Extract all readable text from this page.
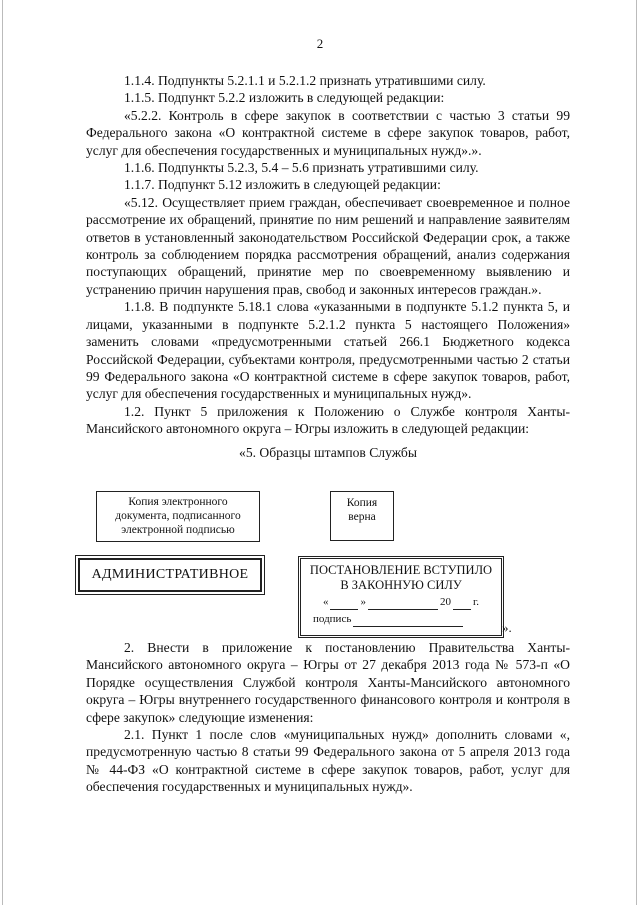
2

1.1.4. Подпункты 5.2.1.1 и 5.2.1.2 признать утратившими силу.

1.1.5. Подпункт 5.2.2 изложить в следующей редакции:

«5.2.2. Контроль в сфере закупок в соответствии с частью 3 статьи 99 Федерального закона «О контрактной системе в сфере закупок товаров, работ, услуг для обеспечения государственных и муниципальных нужд».».

1.1.6. Подпункты 5.2.3, 5.4 – 5.6 признать утратившими силу.

1.1.7. Подпункт 5.12 изложить в следующей редакции:

«5.12. Осуществляет прием граждан, обеспечивает своевременное и полное рассмотрение их обращений, принятие по ним решений и направление заявителям ответов в установленный законодательством Российской Федерации срок, а также контроль за соблюдением порядка рассмотрения обращений, анализ содержания поступающих обращений, принятие мер по своевременному выявлению и устранению причин нарушения прав, свобод и законных интересов граждан.».

1.1.8. В подпункте 5.18.1 слова «указанными в подпункте 5.1.2 пункта 5, и лицами, указанными в подпункте 5.2.1.2 пункта 5 настоящего Положения» заменить словами «предусмотренными статьей 266.1 Бюджетного кодекса Российской Федерации, субъектами контроля, предусмотренными частью 2 статьи 99 Федерального закона «О контрактной системе в сфере закупок товаров, работ, услуг для обеспечения государственных и муниципальных нужд».

1.2. Пункт 5 приложения к Положению о Службе контроля Ханты-Мансийского автономного округа – Югры изложить в следующей редакции:

«5. Образцы штампов Службы

Копия электронного
документа, подписанного
электронной подписью
Копия
верна
АДМИНИСТРАТИВНОЕ	ПОСТАНОВЛЕНИЕ ВСТУПИЛО
В ЗАКОННУЮ СИЛУ
«	»	20 г.
подпись
».

2. Внести в приложение к постановлению Правительства Ханты-Мансийского автономного округа – Югры от 27 декабря 2013 года № 573-п «О Порядке осуществления Службой контроля Ханты-Мансийского автономного округа – Югры внутреннего государственного финансового контроля и контроля в сфере закупок» следующие изменения:

2.1. Пункт 1 после слов «муниципальных нужд» дополнить словами «, предусмотренную частью 8 статьи 99 Федерального закона от 5 апреля 2013 года № 44-ФЗ «О контрактной системе в сфере закупок товаров, работ, услуг для обеспечения государственных и муниципальных нужд».
